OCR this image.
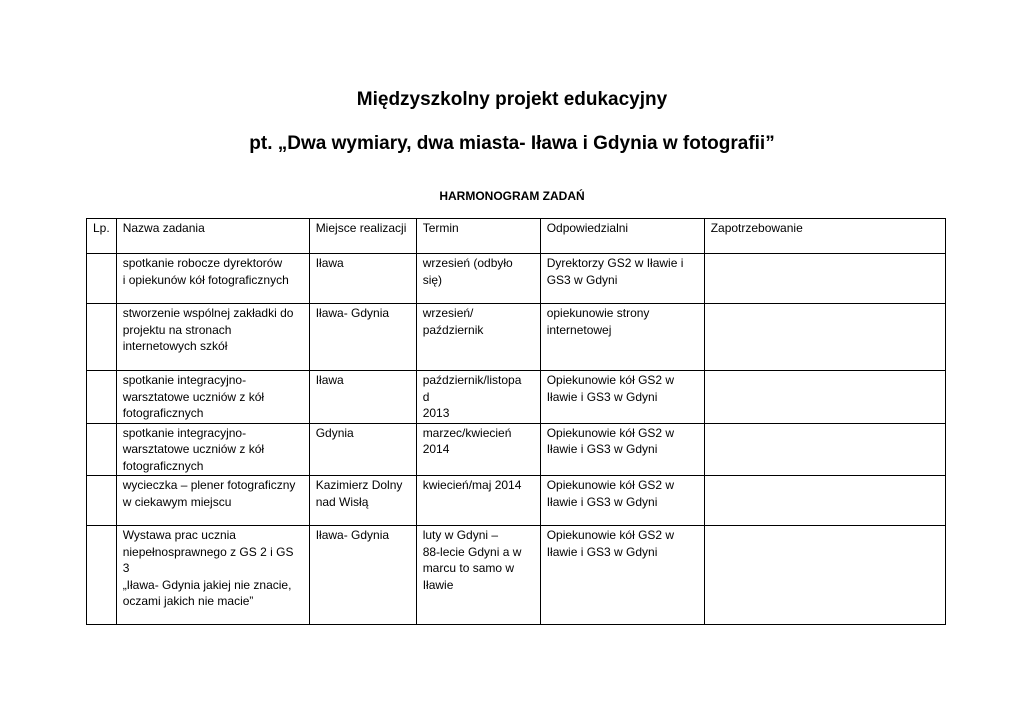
Międzyszkolny projekt edukacyjny
pt. „Dwa wymiary, dwa miasta- Iława i Gdynia w fotografii”
HARMONOGRAM ZADAŃ
Lp.	Nazwa zadania	Miejsce realizacji	Termin	Odpowiedzialni	Zapotrzebowanie
	spotkanie robocze dyrektorów
i opiekunów kół fotograficznych	Iława	wrzesień (odbyło
się)	Dyrektorzy GS2 w Iławie i
GS3 w Gdyni	
	stworzenie wspólnej zakładki do
projektu na stronach
internetowych szkół	Iława- Gdynia	wrzesień/
październik	opiekunowie strony
internetowej	
	spotkanie integracyjno-
warsztatowe uczniów z kół
fotograficznych	Iława	październik/listopa
d
2013	Opiekunowie kół GS2 w
Iławie i GS3 w Gdyni	
	spotkanie integracyjno-
warsztatowe uczniów z kół
fotograficznych	Gdynia	marzec/kwiecień
2014	Opiekunowie kół GS2 w
Iławie i GS3 w Gdyni	
	wycieczka – plener fotograficzny
w ciekawym miejscu	Kazimierz Dolny
nad Wisłą	kwiecień/maj 2014	Opiekunowie kół GS2 w
Iławie i GS3 w Gdyni	
	Wystawa prac ucznia
niepełnosprawnego z GS 2 i GS
3
„Iława- Gdynia jakiej nie znacie,
oczami jakich nie macie”	Iława- Gdynia	luty w Gdyni –
88-lecie Gdyni a w
marcu to samo w
Iławie	Opiekunowie kół GS2 w
Iławie i GS3 w Gdyni	
